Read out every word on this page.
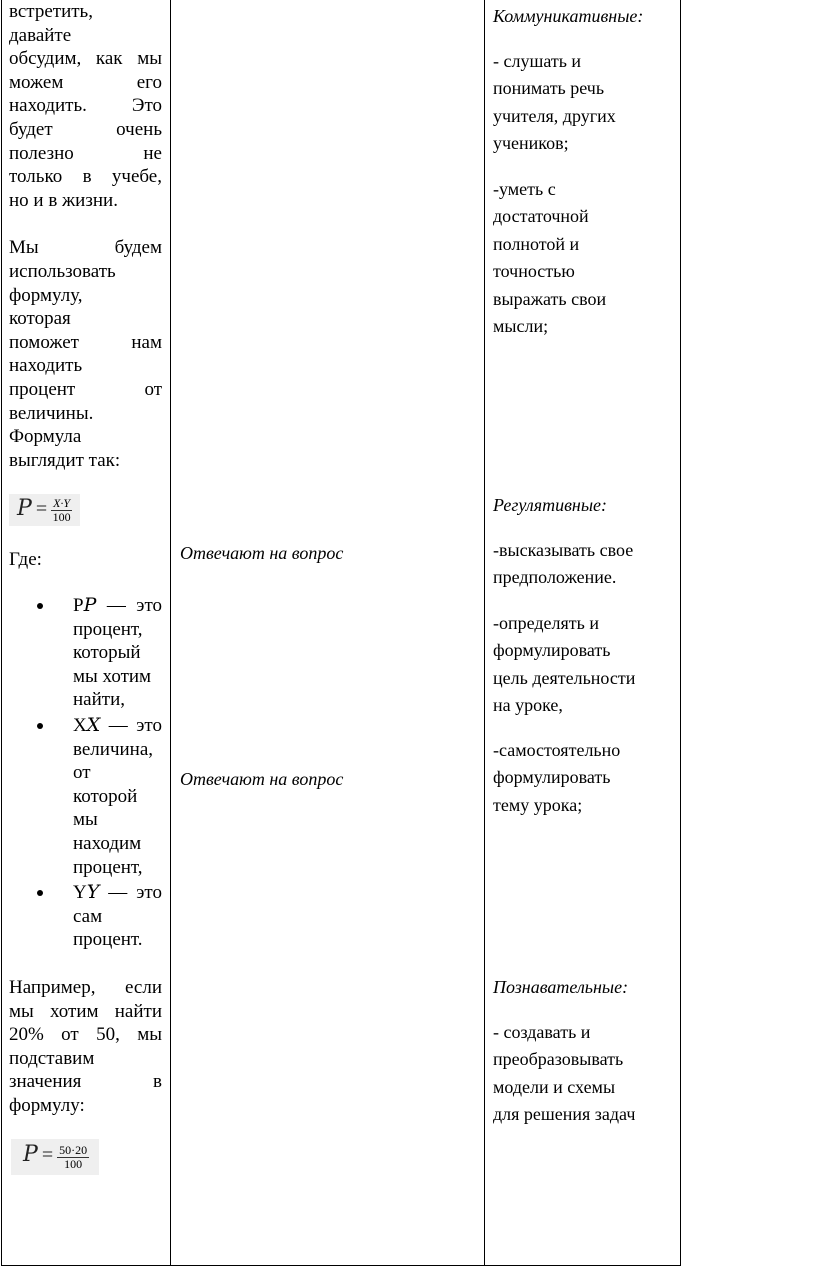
встретить,

давайте

обсудим, как мы

можем его

находить. Это

будет очень

полезно не

только в учебе,

но и в жизни.

Мы будем

использовать

формулу,

которая

поможет нам

находить

процент от

величины.

Формула

выглядит так:

$P = \frac{X\cdot Y}{100}$

Где:

P𝑃 — это

процент,

который

мы хотим

найти,

X𝑋 — это

величина,

от

которой

мы

находим

процент,

Y𝑌 — это

сам

процент.

Например, если

мы хотим найти

20% от 50, мы

подставим

значения в

формулу:

$P = \frac{50\cdot 20}{100}$
Отвечают на вопрос
Отвечают на вопрос

Коммуникативные:

- слушать и

понимать речь

учителя, других

учеников;

-уметь с

достаточной

полнотой и

точностью

выражать свои

мысли;

Регулятивные:

-высказывать свое

предположение.

-определять и

формулировать

цель деятельности

на уроке,

-самостоятельно

формулировать

тему урока;

Познавательные:

- создавать и

преобразовывать

модели и схемы

для решения задач
